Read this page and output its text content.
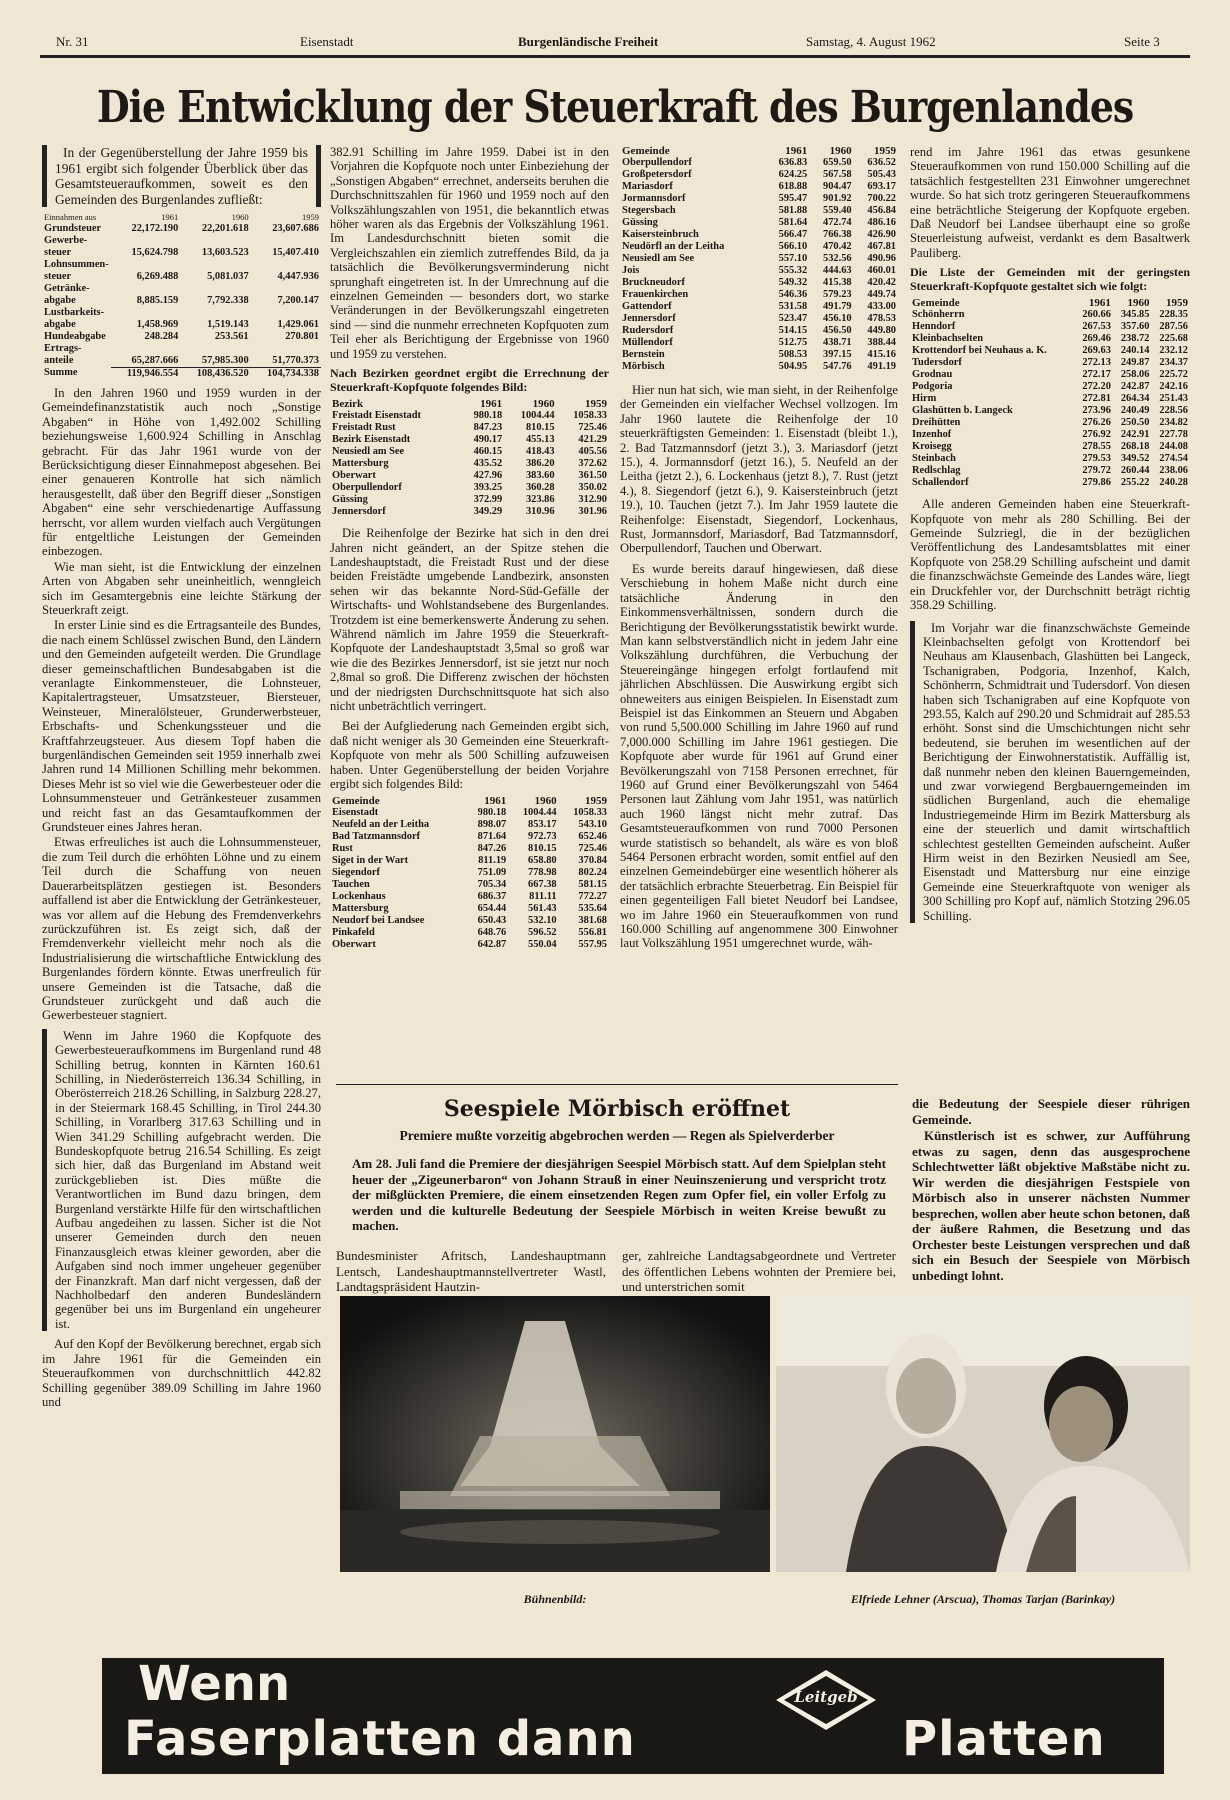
Nr. 31	Eisenstadt	Burgenländische Freiheit	Samstag, 4. August 1962	Seite 3
Die Entwicklung der Steuerkraft des Burgenlandes

In der Gegenüberstellung der Jahre 1959 bis 1961 ergibt sich folgender Überblick über das Gesamtsteueraufkommen, soweit es den Gemeinden des Burgenlandes zufließt:

Einnahmen aus	1961	1960	1959
Grundsteuer	22,172.190	22,201.618	23,607.686
Gewerbe-steuer	15,624.798	13,603.523	15,407.410
Lohnsummen-steuer	6,269.488	5,081.037	4,447.936
Getränke-abgabe	8,885.159	7,792.338	7,200.147
Lustbarkeits-abgabe	1,458.969	1,519.143	1,429.061
Hundeabgabe	248.284	253.561	270.801
Ertrags-anteile	65,287.666	57,985.300	51,770.373
Summe	119,946.554	108,436.520	104,734.338

In den Jahren 1960 und 1959 wurden in der Gemeindefinanzstatistik auch noch „Sonstige Abgaben“ in Höhe von 1,492.002 Schilling beziehungsweise 1,600.924 Schilling in Anschlag gebracht. Für das Jahr 1961 wurde von der Berücksichtigung dieser Einnahmepost abgesehen. Bei einer genaueren Kontrolle hat sich nämlich herausgestellt, daß über den Begriff dieser „Sonstigen Abgaben“ eine sehr verschiedenartige Auffassung herrscht, vor allem wurden vielfach auch Vergütungen für entgeltliche Leistungen der Gemeinden einbezogen.

Wie man sieht, ist die Entwicklung der einzelnen Arten von Abgaben sehr uneinheitlich, wenngleich sich im Gesamtergebnis eine leichte Stärkung der Steuerkraft zeigt.

In erster Linie sind es die Ertragsanteile des Bundes, die nach einem Schlüssel zwischen Bund, den Ländern und den Gemeinden aufgeteilt werden. Die Grundlage dieser gemeinschaftlichen Bundesabgaben ist die veranlagte Einkommensteuer, die Lohnsteuer, Kapitalertragsteuer, Umsatzsteuer, Biersteuer, Weinsteuer, Mineralölsteuer, Grunderwerbsteuer, Erbschafts- und Schenkungssteuer und die Kraftfahrzeugsteuer. Aus diesem Topf haben die burgenländischen Gemeinden seit 1959 innerhalb zwei Jahren rund 14 Millionen Schilling mehr bekommen. Dieses Mehr ist so viel wie die Gewerbesteuer oder die Lohnsummensteuer und Getränkesteuer zusammen und reicht fast an das Gesamtaufkommen der Grundsteuer eines Jahres heran.

Etwas erfreuliches ist auch die Lohnsummensteuer, die zum Teil durch die erhöhten Löhne und zu einem Teil durch die Schaffung von neuen Dauerarbeitsplätzen gestiegen ist. Besonders auffallend ist aber die Entwicklung der Getränkesteuer, was vor allem auf die Hebung des Fremdenverkehrs zurückzuführen ist. Es zeigt sich, daß der Fremdenverkehr vielleicht mehr noch als die Industrialisierung die wirtschaftliche Entwicklung des Burgenlandes fördern könnte. Etwas unerfreulich für unsere Gemeinden ist die Tatsache, daß die Grundsteuer zurückgeht und daß auch die Gewerbesteuer stagniert.

Wenn im Jahre 1960 die Kopfquote des Gewerbesteueraufkommens im Burgenland rund 48 Schilling betrug, konnten in Kärnten 160.61 Schilling, in Niederösterreich 136.34 Schilling, in Oberösterreich 218.26 Schilling, in Salzburg 228.27, in der Steiermark 168.45 Schilling, in Tirol 244.30 Schilling, in Vorarlberg 317.63 Schilling und in Wien 341.29 Schilling aufgebracht werden. Die Bundeskopfquote betrug 216.54 Schilling. Es zeigt sich hier, daß das Burgenland im Abstand weit zurückgeblieben ist. Dies müßte die Verantwortlichen im Bund dazu bringen, dem Burgenland verstärkte Hilfe für den wirtschaftlichen Aufbau angedeihen zu lassen. Sicher ist die Not unserer Gemeinden durch den neuen Finanzausgleich etwas kleiner geworden, aber die Aufgaben sind noch immer ungeheuer gegenüber der Finanzkraft. Man darf nicht vergessen, daß der Nachholbedarf den anderen Bundesländern gegenüber bei uns im Burgenland ein ungeheurer ist.

Auf den Kopf der Bevölkerung berechnet, ergab sich im Jahre 1961 für die Gemeinden ein Steueraufkommen von durchschnittlich 442.82 Schilling gegenüber 389.09 Schilling im Jahre 1960 und

382.91 Schilling im Jahre 1959. Dabei ist in den Vorjahren die Kopfquote noch unter Einbeziehung der „Sonstigen Abgaben“ errechnet, anderseits beruhen die Durchschnittszahlen für 1960 und 1959 noch auf den Volkszählungszahlen von 1951, die bekanntlich etwas höher waren als das Ergebnis der Volkszählung 1961. Im Landesdurchschnitt bieten somit die Vergleichszahlen ein ziemlich zutreffendes Bild, da ja tatsächlich die Bevölkerungsverminderung nicht sprunghaft eingetreten ist. In der Umrechnung auf die einzelnen Gemeinden — besonders dort, wo starke Veränderungen in der Bevölkerungszahl eingetreten sind — sind die nunmehr errechneten Kopfquoten zum Teil eher als Berichtigung der Ergebnisse von 1960 und 1959 zu verstehen.

Nach Bezirken geordnet ergibt die Errechnung der Steuerkraft-Kopfquote folgendes Bild:
Bezirk	1961	1960	1959
Freistadt Eisenstadt	980.18	1004.44	1058.33
Freistadt Rust	847.23	810.15	725.46
Bezirk Eisenstadt	490.17	455.13	421.29
Neusiedl am See	460.15	418.43	405.56
Mattersburg	435.52	386.20	372.62
Oberwart	427.96	383.60	361.50
Oberpullendorf	393.25	360.28	350.02
Güssing	372.99	323.86	312.90
Jennersdorf	349.29	310.96	301.96

Die Reihenfolge der Bezirke hat sich in den drei Jahren nicht geändert, an der Spitze stehen die Landeshauptstadt, die Freistadt Rust und der diese beiden Freistädte umgebende Landbezirk, ansonsten sehen wir das bekannte Nord-Süd-Gefälle der Wirtschafts- und Wohlstandsebene des Burgenlandes. Trotzdem ist eine bemerkenswerte Änderung zu sehen. Während nämlich im Jahre 1959 die Steuerkraft-Kopfquote der Landeshauptstadt 3,5mal so groß war wie die des Bezirkes Jennersdorf, ist sie jetzt nur noch 2,8mal so groß. Die Differenz zwischen der höchsten und der niedrigsten Durchschnittsquote hat sich also nicht unbeträchtlich verringert.

Bei der Aufgliederung nach Gemeinden ergibt sich, daß nicht weniger als 30 Gemeinden eine Steuerkraft-Kopfquote von mehr als 500 Schilling aufzuweisen haben. Unter Gegenüberstellung der beiden Vorjahre ergibt sich folgendes Bild:

Gemeinde	1961	1960	1959
Eisenstadt	980.18	1004.44	1058.33
Neufeld an der Leitha	898.07	853.17	543.10
Bad Tatzmannsdorf	871.64	972.73	652.46
Rust	847.26	810.15	725.46
Siget in der Wart	811.19	658.80	370.84
Siegendorf	751.09	778.98	802.24
Tauchen	705.34	667.38	581.15
Lockenhaus	686.37	811.11	772.27
Mattersburg	654.44	561.43	535.64
Neudorf bei Landsee	650.43	532.10	381.68
Pinkafeld	648.76	596.52	556.81
Oberwart	642.87	550.04	557.95
Gemeinde	1961	1960	1959
Oberpullendorf	636.83	659.50	636.52
Großpetersdorf	624.25	567.58	505.43
Mariasdorf	618.88	904.47	693.17
Jormannsdorf	595.47	901.92	700.22
Stegersbach	581.88	559.40	456.84
Güssing	581.64	472.74	486.16
Kaisersteinbruch	566.47	766.38	426.90
Neudörfl an der Leitha	566.10	470.42	467.81
Neusiedl am See	557.10	532.56	490.96
Jois	555.32	444.63	460.01
Bruckneudorf	549.32	415.38	420.42
Frauenkirchen	546.36	579.23	449.74
Gattendorf	531.58	491.79	433.00
Jennersdorf	523.47	456.10	478.53
Rudersdorf	514.15	456.50	449.80
Müllendorf	512.75	438.71	388.44
Bernstein	508.53	397.15	415.16
Mörbisch	504.95	547.76	491.19

Hier nun hat sich, wie man sieht, in der Reihenfolge der Gemeinden ein vielfacher Wechsel vollzogen. Im Jahr 1960 lautete die Reihenfolge der 10 steuerkräftigsten Gemeinden: 1. Eisenstadt (bleibt 1.), 2. Bad Tatzmannsdorf (jetzt 3.), 3. Mariasdorf (jetzt 15.), 4. Jormannsdorf (jetzt 16.), 5. Neufeld an der Leitha (jetzt 2.), 6. Lockenhaus (jetzt 8.), 7. Rust (jetzt 4.), 8. Siegendorf (jetzt 6.), 9. Kaisersteinbruch (jetzt 19.), 10. Tauchen (jetzt 7.). Im Jahr 1959 lautete die Reihenfolge: Eisenstadt, Siegendorf, Lockenhaus, Rust, Jormannsdorf, Mariasdorf, Bad Tatzmannsdorf, Oberpullendorf, Tauchen und Oberwart.

Es wurde bereits darauf hingewiesen, daß diese Verschiebung in hohem Maße nicht durch eine tatsächliche Änderung in den Einkommensverhältnissen, sondern durch die Berichtigung der Bevölkerungsstatistik bewirkt wurde. Man kann selbstverständlich nicht in jedem Jahr eine Volkszählung durchführen, die Verbuchung der Steuereingänge hingegen erfolgt fortlaufend mit jährlichen Abschlüssen. Die Auswirkung ergibt sich ohneweiters aus einigen Beispielen. In Eisenstadt zum Beispiel ist das Einkommen an Steuern und Abgaben von rund 5,500.000 Schilling im Jahre 1960 auf rund 7,000.000 Schilling im Jahre 1961 gestiegen. Die Kopfquote aber wurde für 1961 auf Grund einer Bevölkerungszahl von 7158 Personen errechnet, für 1960 auf Grund einer Bevölkerungszahl von 5464 Personen laut Zählung vom Jahr 1951, was natürlich auch 1960 längst nicht mehr zutraf. Das Gesamtsteueraufkommen von rund 7000 Personen wurde statistisch so behandelt, als wäre es von bloß 5464 Personen erbracht worden, somit entfiel auf den einzelnen Gemeindebürger eine wesentlich höherer als der tatsächlich erbrachte Steuerbetrag. Ein Beispiel für einen gegenteiligen Fall bietet Neudorf bei Landsee, wo im Jahre 1960 ein Steueraufkommen von rund 160.000 Schilling auf angenommene 300 Einwohner laut Volkszählung 1951 umgerechnet wurde, wäh-

rend im Jahre 1961 das etwas gesunkene Steueraufkommen von rund 150.000 Schilling auf die tatsächlich festgestellten 231 Einwohner umgerechnet wurde. So hat sich trotz geringeren Steueraufkommens eine beträchtliche Steigerung der Kopfquote ergeben. Daß Neudorf bei Landsee überhaupt eine so große Steuerleistung aufweist, verdankt es dem Basaltwerk Pauliberg.

Die Liste der Gemeinden mit der geringsten Steuerkraft-Kopfquote gestaltet sich wie folgt:
Gemeinde	1961	1960	1959
Schönherrn	260.66	345.85	228.35
Henndorf	267.53	357.60	287.56
Kleinbachselten	269.46	238.72	225.68
Krottendorf bei Neuhaus a. K.	269.63	240.14	232.12
Tudersdorf	272.13	249.87	234.37
Grodnau	272.17	258.06	225.72
Podgoria	272.20	242.87	242.16
Hirm	272.81	264.34	251.43
Glashütten b. Langeck	273.96	240.49	228.56
Dreihütten	276.26	250.50	234.82
Inzenhof	276.92	242.91	227.78
Kroisegg	278.55	268.18	244.08
Steinbach	279.53	349.52	274.54
Redlschlag	279.72	260.44	238.06
Schallendorf	279.86	255.22	240.28

Alle anderen Gemeinden haben eine Steuerkraft-Kopfquote von mehr als 280 Schilling. Bei der Gemeinde Sulzriegl, die in der bezüglichen Veröffentlichung des Landesamtsblattes mit einer Kopfquote von 258.29 Schilling aufscheint und damit die finanzschwächste Gemeinde des Landes wäre, liegt ein Druckfehler vor, der Durchschnitt beträgt richtig 358.29 Schilling.

Im Vorjahr war die finanzschwächste Gemeinde Kleinbachselten gefolgt von Krottendorf bei Neuhaus am Klausenbach, Glashütten bei Langeck, Tschanigraben, Podgoria, Inzenhof, Kalch, Schönherrn, Schmidtrait und Tudersdorf. Von diesen haben sich Tschanigraben auf eine Kopfquote von 293.55, Kalch auf 290.20 und Schmidrait auf 285.53 erhöht. Sonst sind die Umschichtungen nicht sehr bedeutend, sie beruhen im wesentlichen auf der Berichtigung der Einwohnerstatistik. Auffällig ist, daß nunmehr neben den kleinen Bauerngemeinden, und zwar vorwiegend Bergbauerngemeinden im südlichen Burgenland, auch die ehemalige Industriegemeinde Hirm im Bezirk Mattersburg als eine der steuerlich und damit wirtschaftlich schlechtest gestellten Gemeinden aufscheint. Außer Hirm weist in den Bezirken Neusiedl am See, Eisenstadt und Mattersburg nur eine einzige Gemeinde eine Steuerkraftquote von weniger als 300 Schilling pro Kopf auf, nämlich Stotzing 296.05 Schilling.

Seespiele Mörbisch eröffnet
Premiere mußte vorzeitig abgebrochen werden — Regen als Spielverderber
Am 28. Juli fand die Premiere der diesjährigen Seespiel Mörbisch statt. Auf dem Spielplan steht heuer der „Zigeunerbaron“ von Johann Strauß in einer Neuinszenierung und verspricht trotz der mißglückten Premiere, die einem einsetzenden Regen zum Opfer fiel, ein voller Erfolg zu werden und die kulturelle Bedeutung der Seespiele Mörbisch in weiten Kreise bewußt zu machen.
Bundesminister Afritsch, Landeshauptmann Lentsch, Landeshauptmannstellvertreter Wastl, Landtagspräsident Hautzin-
ger, zahlreiche Landtagsabgeordnete und Vertreter des öffentlichen Lebens wohnten der Premiere bei, und unterstrichen somit

die Bedeutung der Seespiele dieser rührigen Gemeinde.

Künstlerisch ist es schwer, zur Aufführung etwas zu sagen, denn das ausgesprochene Schlechtwetter läßt objektive Maßstäbe nicht zu. Wir werden die diesjährigen Festspiele von Mörbisch also in unserer nächsten Nummer besprechen, wollen aber heute schon betonen, daß der äußere Rahmen, die Besetzung und das Orchester beste Leistungen versprechen und daß sich ein Besuch der Seespiele von Mörbisch unbedingt lohnt.

Bühnenbild:	Elfriede Lehner (Arscua), Thomas Tarjan (Barinkay)
Wenn
Faserplatten dann
Leitgeb
Platten
